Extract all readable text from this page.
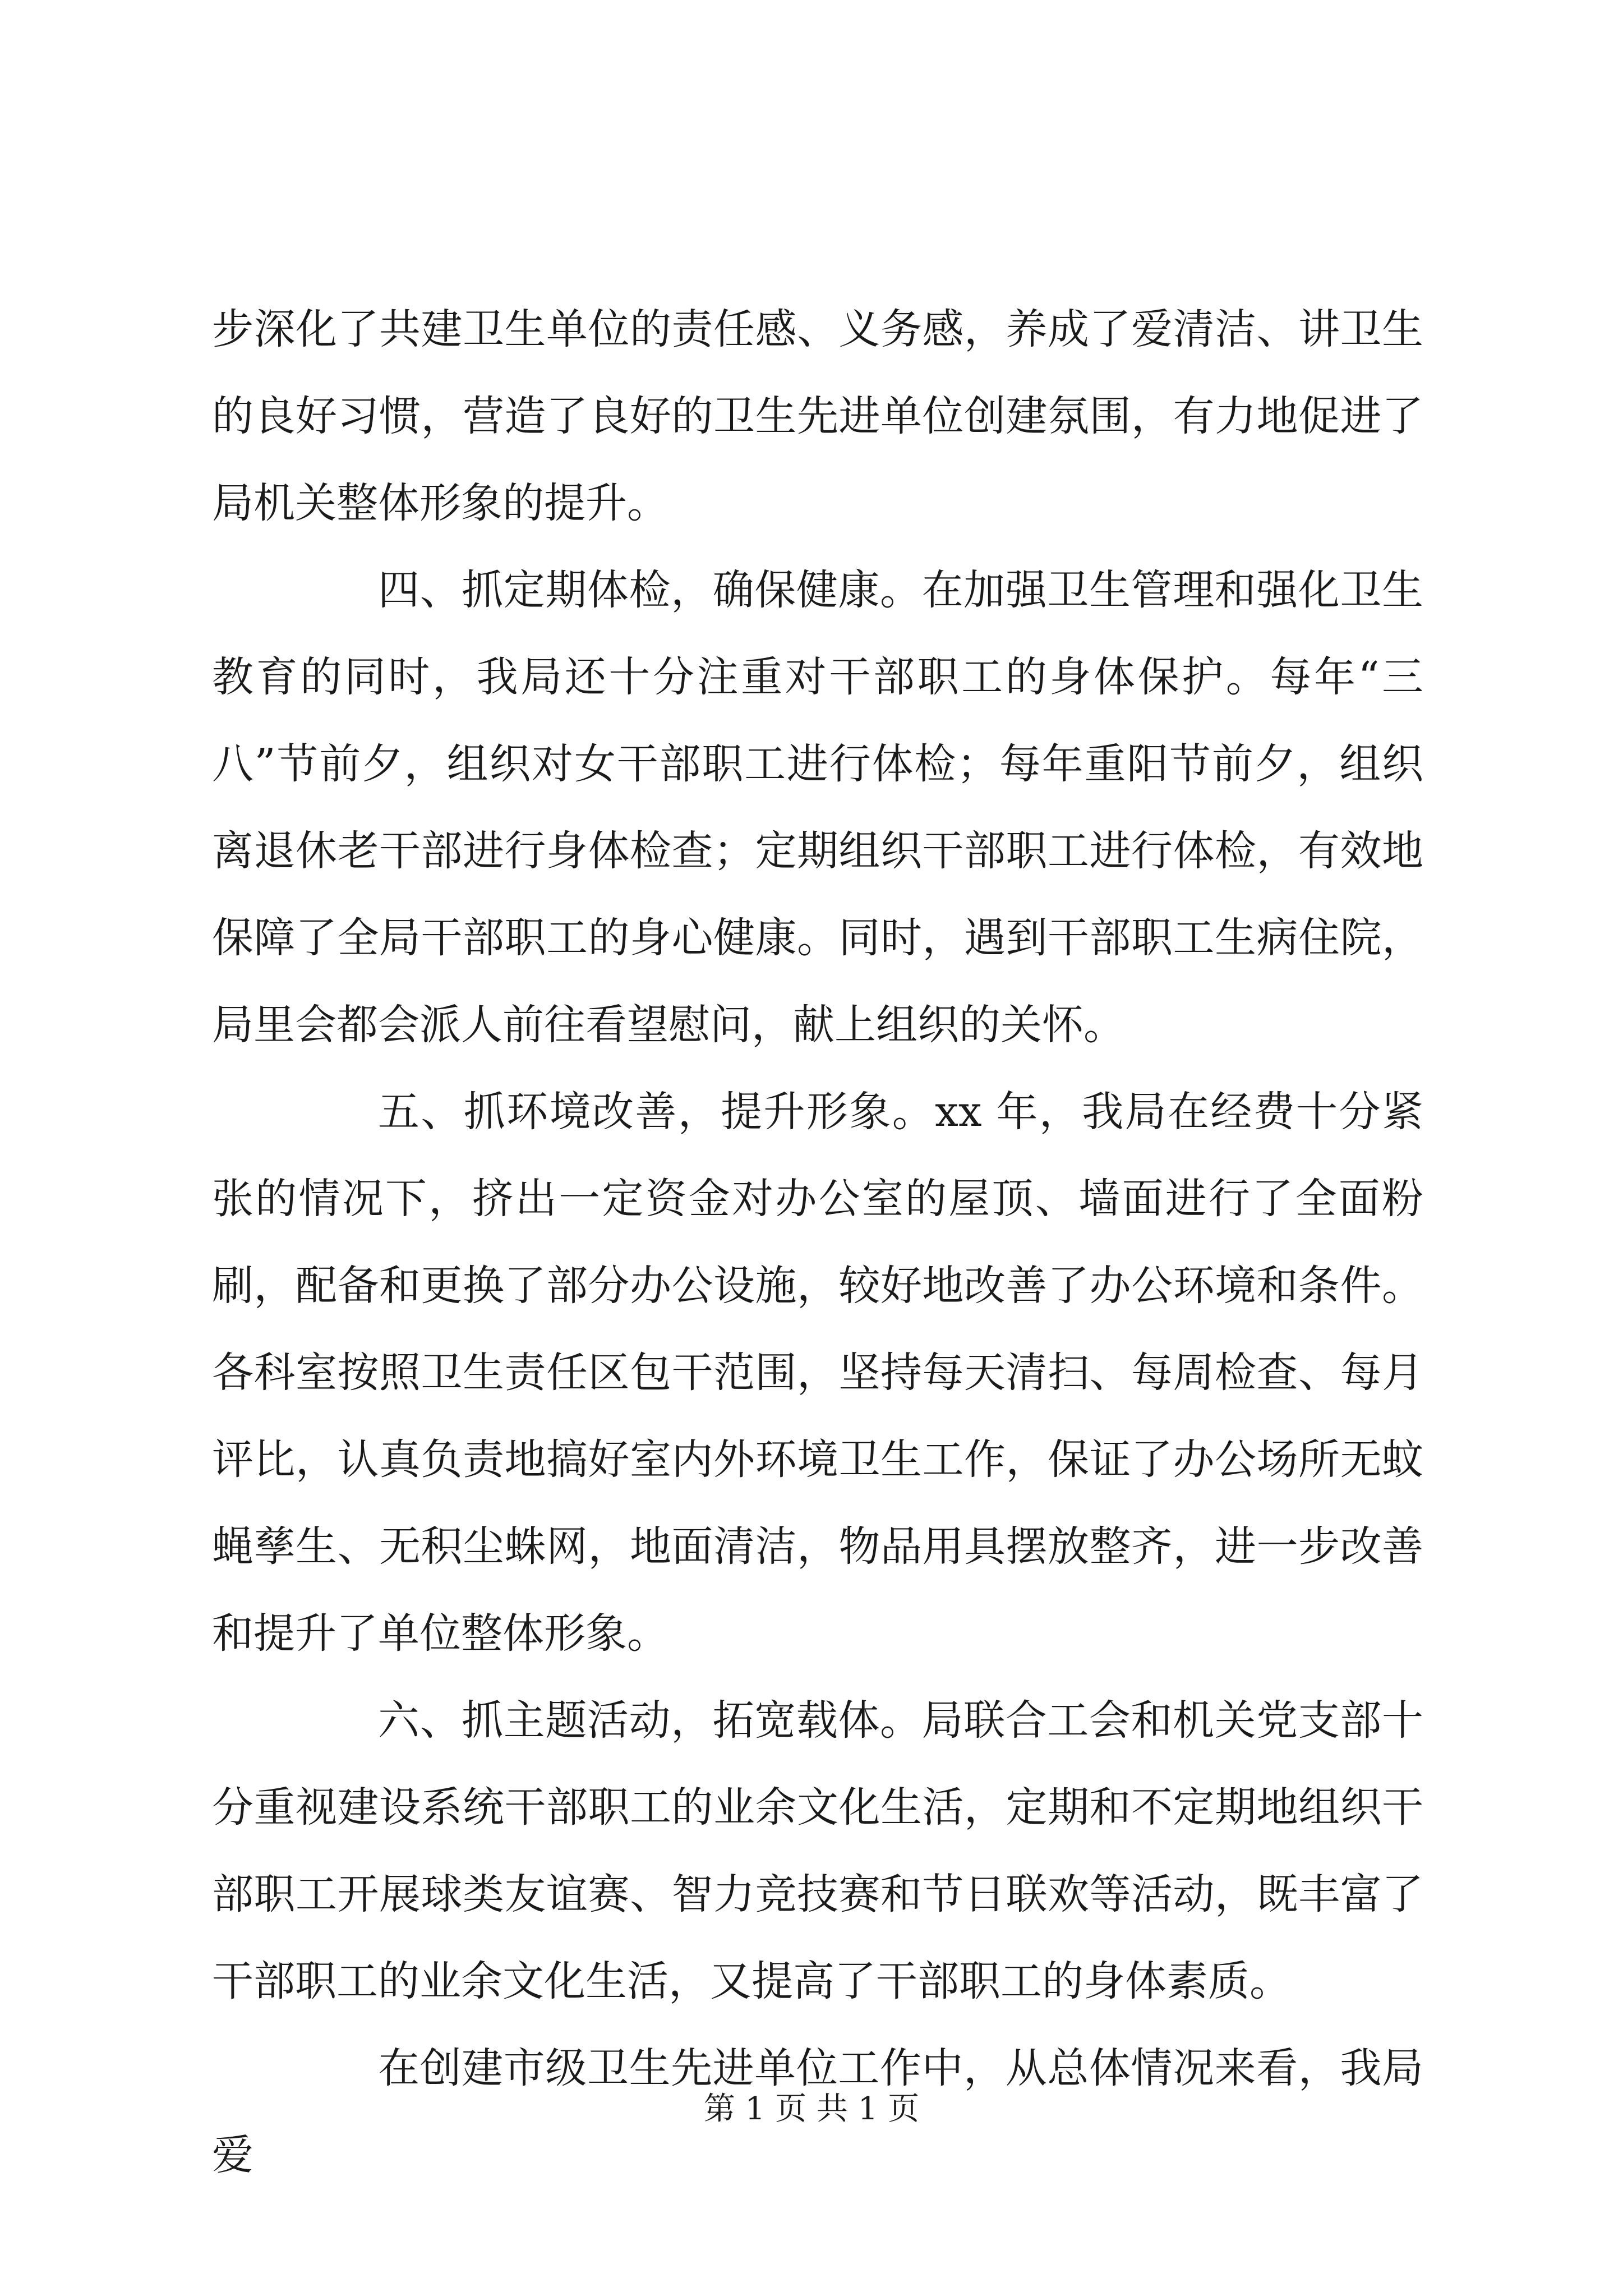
步深化了共建卫生单位的责任感、义务感，养成了爱清洁、讲卫生的良好习惯，营造了良好的卫生先进单位创建氛围，有力地促进了局机关整体形象的提升。

四、抓定期体检，确保健康。在加强卫生管理和强化卫生教育的同时，我局还十分注重对干部职工的身体保护。每年“三八”节前夕，组织对女干部职工进行体检；每年重阳节前夕，组织离退休老干部进行身体检查；定期组织干部职工进行体检，有效地保障了全局干部职工的身心健康。同时，遇到干部职工生病住院，局里会都会派人前往看望慰问，献上组织的关怀。

五、抓环境改善，提升形象。xx 年，我局在经费十分紧张的情况下，挤出一定资金对办公室的屋顶、墙面进行了全面粉刷，配备和更换了部分办公设施，较好地改善了办公环境和条件。各科室按照卫生责任区包干范围，坚持每天清扫、每周检查、每月评比，认真负责地搞好室内外环境卫生工作，保证了办公场所无蚊蝇孳生、无积尘蛛网，地面清洁，物品用具摆放整齐，进一步改善和提升了单位整体形象。

六、抓主题活动，拓宽载体。局联合工会和机关党支部十分重视建设系统干部职工的业余文化生活，定期和不定期地组织干部职工开展球类友谊赛、智力竞技赛和节日联欢等活动，既丰富了干部职工的业余文化生活，又提高了干部职工的身体素质。

在创建市级卫生先进单位工作中，从总体情况来看，我局爱

第 1 页 共 1 页
